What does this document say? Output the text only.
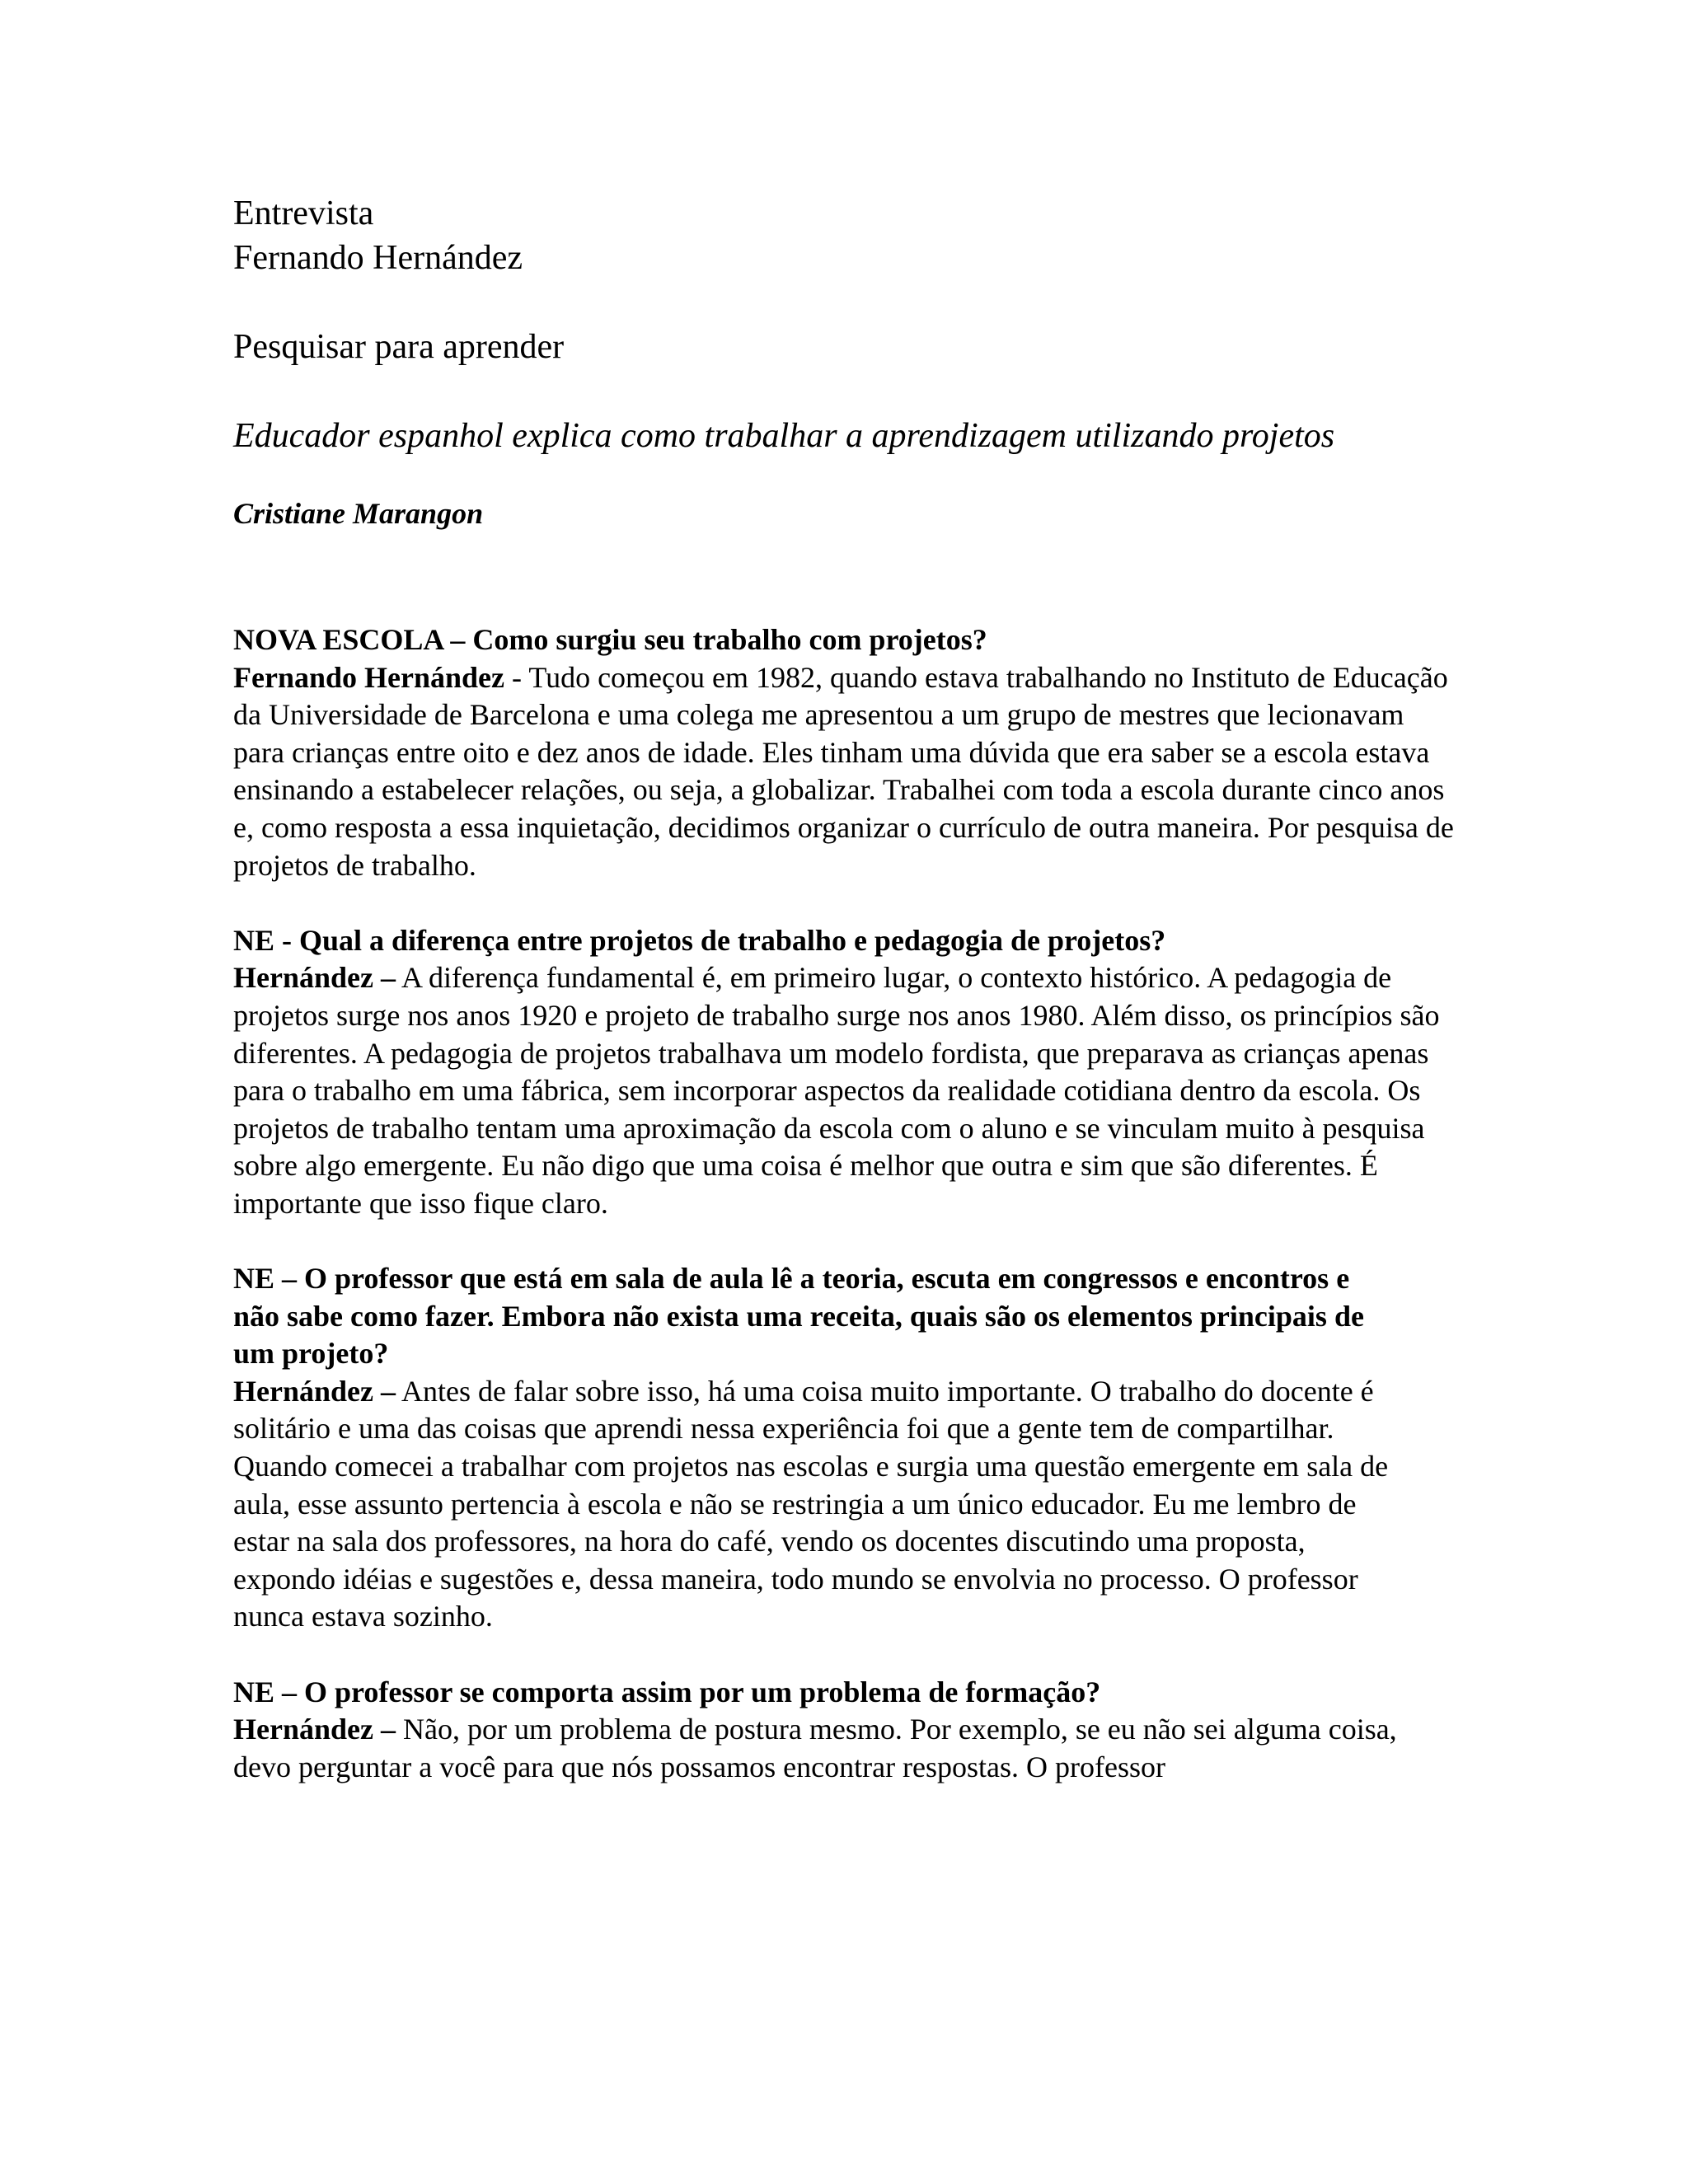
Entrevista
Fernando Hernández
Pesquisar para aprender
Educador espanhol explica como trabalhar a aprendizagem utilizando projetos
Cristiane Marangon
NOVA ESCOLA – Como surgiu seu trabalho com projetos?
Fernando Hernández - Tudo começou em 1982, quando estava trabalhando no Instituto de Educação da Universidade de Barcelona e uma colega me apresentou a um grupo de mestres que lecionavam para crianças entre oito e dez anos de idade. Eles tinham uma dúvida que era saber se a escola estava ensinando a estabelecer relações, ou seja, a globalizar. Trabalhei com toda a escola durante cinco anos e, como resposta a essa inquietação, decidimos organizar o currículo de outra maneira. Por pesquisa de projetos de trabalho.
NE - Qual a diferença entre projetos de trabalho e pedagogia de projetos?
Hernández – A diferença fundamental é, em primeiro lugar, o contexto histórico. A pedagogia de projetos surge nos anos 1920 e projeto de trabalho surge nos anos 1980. Além disso, os princípios são diferentes. A pedagogia de projetos trabalhava um modelo fordista, que preparava as crianças apenas para o trabalho em uma fábrica, sem incorporar aspectos da realidade cotidiana dentro da escola. Os projetos de trabalho tentam uma aproximação da escola com o aluno e se vinculam muito à pesquisa sobre algo emergente. Eu não digo que uma coisa é melhor que outra e sim que são diferentes. É importante que isso fique claro.
NE – O professor que está em sala de aula lê a teoria, escuta em congressos e encontros e não sabe como fazer. Embora não exista uma receita, quais são os elementos principais de um projeto?
Hernández – Antes de falar sobre isso, há uma coisa muito importante. O trabalho do docente é solitário e uma das coisas que aprendi nessa experiência foi que a gente tem de compartilhar. Quando comecei a trabalhar com projetos nas escolas e surgia uma questão emergente em sala de aula, esse assunto pertencia à escola e não se restringia a um único educador. Eu me lembro de estar na sala dos professores, na hora do café, vendo os docentes discutindo uma proposta, expondo idéias e sugestões e, dessa maneira, todo mundo se envolvia no processo. O professor nunca estava sozinho.
NE – O professor se comporta assim por um problema de formação?
Hernández – Não, por um problema de postura mesmo. Por exemplo, se eu não sei alguma coisa, devo perguntar a você para que nós possamos encontrar respostas. O professor
